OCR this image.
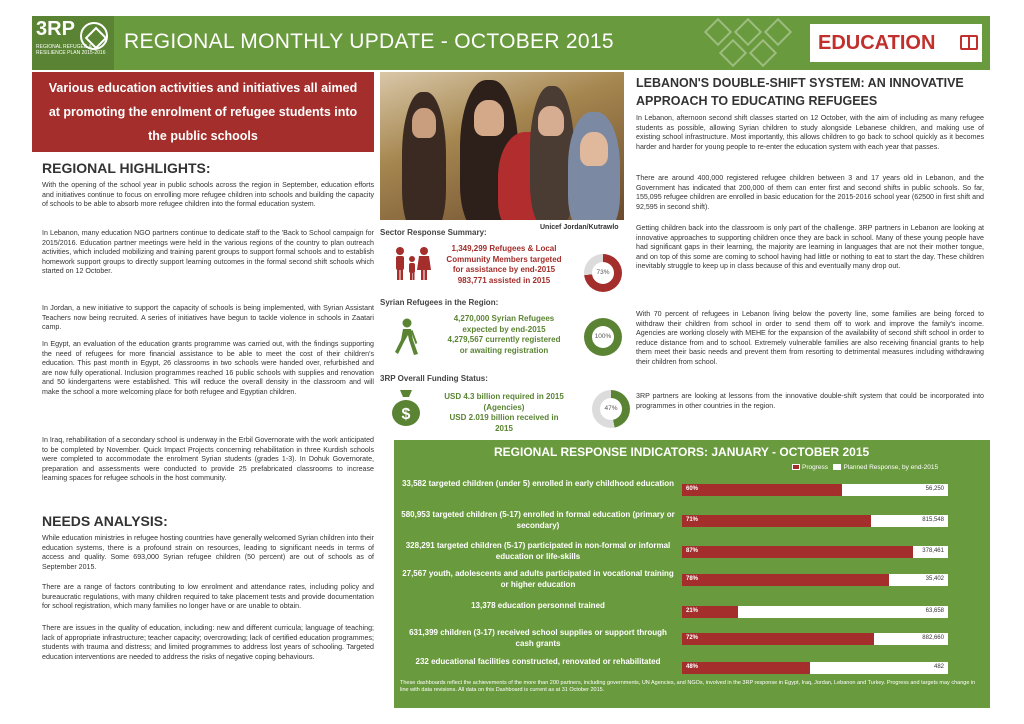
3RP
REGIONAL REFUGEE & RESILIENCE PLAN 2015-2016 REGIONAL MONTHLY UPDATE - OCTOBER 2015	EDUCATION
Various education activities and initiatives all aimed at promoting the enrolment of refugee students into the public schools
REGIONAL HIGHLIGHTS:
With the opening of the school year in public schools across the region in September, education efforts and initiatives continue to focus on enrolling more refugee children into schools and building the capacity of schools to be able to absorb more refugee children into the formal education system.
In Lebanon, many education NGO partners continue to dedicate staff to the 'Back to School campaign for 2015/2016. Education partner meetings were held in the various regions of the country to plan outreach activities, which included mobilizing and training parent groups to support formal schools and to establish homework support groups to directly support learning outcomes in the formal second shift schools which started on 12 October.
In Jordan, a new initiative to support the capacity of schools is being implemented, with Syrian Assistant Teachers now being recruited. A series of initiatives have begun to tackle violence in schools in Zaatari camp.
In Egypt, an evaluation of the education grants programme was carried out, with the findings supporting the need of refugees for more financial assistance to be able to meet the cost of their children's education. This past month in Egypt, 26 classrooms in two schools were handed over, refurbished and are now fully operational. Inclusion programmes reached 16 public schools with supplies and renovation and 50 kindergartens were established. This will reduce the overall density in the classroom and will make the school a more welcoming place for both refugee and Egyptian children.
In Iraq, rehabilitation of a secondary school is underway in the Erbil Governorate with the work anticipated to be completed by November. Quick Impact Projects concerning rehabilitation in three Kurdish schools were completed to accommodate the enrolment Syrian students (grades 1-3). In Dohuk Governorate, preparation and assessments were conducted to provide 25 prefabricated classrooms to increase learning spaces for refugee schools in the host community.
NEEDS ANALYSIS:
While education ministries in refugee hosting countries have generally welcomed Syrian children into their education systems, there is a profound strain on resources, leading to significant needs in terms of access and quality. Some 693,000 Syrian refugee children (50 percent) are out of schools as of September 2015.
There are a range of factors contributing to low enrolment and attendance rates, including policy and bureaucratic regulations, with many children required to take placement tests and provide documentation for school registration, which many families no longer have or are unable to obtain.
There are issues in the quality of education, including: new and different curricula; language of teaching; lack of appropriate infrastructure; teacher capacity; overcrowding; lack of certified education programmes; students with trauma and distress; and limited programmes to address lost years of schooling. Targeted education interventions are needed to address the risks of negative coping behaviours.
Unicef Jordan/Kutrawlo
Sector Response Summary:
1,349,299 Refugees & Local Community Members targeted for assistance by end-2015
983,771 assisted in 2015
73%
Syrian Refugees in the Region:
4,270,000 Syrian Refugees expected by end-2015
4,279,567 currently registered or awaiting registration
100%
3RP Overall Funding Status:
$
USD 4.3 billion required in 2015 (Agencies)
USD 2.019 billion received in 2015
47%
LEBANON'S DOUBLE-SHIFT SYSTEM: AN INNOVATIVE APPROACH TO EDUCATING REFUGEES
In Lebanon, afternoon second shift classes started on 12 October, with the aim of including as many refugee students as possible, allowing Syrian children to study alongside Lebanese children, and making use of existing school infrastructure. Most importantly, this allows children to go back to school quickly as it becomes harder and harder for young people to re-enter the education system with each year that passes.
There are around 400,000 registered refugee children between 3 and 17 years old in Lebanon, and the Government has indicated that 200,000 of them can enter first and second shifts in public schools. So far, 155,095 refugee children are enrolled in basic education for the 2015-2016 school year (62500 in first shift and 92,595 in second shift).
Getting children back into the classroom is only part of the challenge. 3RP partners in Lebanon are looking at innovative approaches to supporting children once they are back in school. Many of these young people have had significant gaps in their learning, the majority are learning in languages that are not their mother tongue, and on top of this some are coming to school having had little or nothing to eat to start the day. These children inevitably struggle to keep up in class because of this and eventually many drop out.
With 70 percent of refugees in Lebanon living below the poverty line, some families are being forced to withdraw their children from school in order to send them off to work and improve the family's income. Agencies are working closely with MEHE for the expansion of the availability of second shift school in order to reduce distance from and to school. Extremely vulnerable families are also receiving financial grants to help them meet their basic needs and prevent them from resorting to detrimental measures including withdrawing their children from school.
3RP partners are looking at lessons from the innovative double-shift system that could be incorporated into programmes in other countries in the region.
REGIONAL RESPONSE INDICATORS: JANUARY - OCTOBER 2015
Progress Planned Response, by end-2015
33,582 targeted children (under 5) enrolled in early childhood education
60%	56,250
580,953 targeted children (5-17) enrolled in formal education (primary or secondary)
71%	815,548
328,291 targeted children (5-17) participated in non-formal or informal education or life-skills
87%	378,461
27,567 youth, adolescents and adults participated in vocational training or higher education
78%	35,402
13,378 education personnel trained
21%	63,658
631,399 children (3-17) received school supplies or support through cash grants
72%	882,660
232 educational facilities constructed, renovated or rehabilitated
48%	482
These dashboards reflect the achievements of the more than 200 partners, including governments, UN Agencies, and NGOs, involved in the 3RP response in Egypt, Iraq, Jordan, Lebanon and Turkey. Progress and targets may change in line with data revisions. All data on this Dashboard is current as at 31 October 2015.
